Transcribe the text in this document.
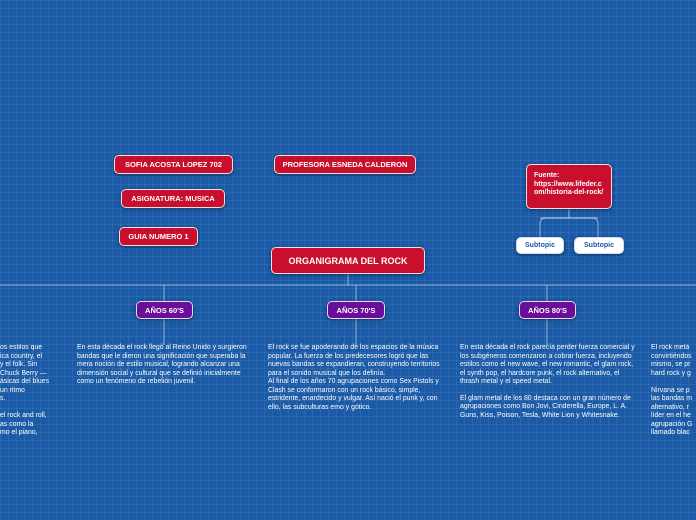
SOFIA ACOSTA LOPEZ 702	PROFESORA ESNEDA CALDERON
ASIGNATURA: MUSICA
GUIA NUMERO 1
Fuente:
https://www.lifeder.com/historia-del-rock/
Subtopic	Subtopic
ORGANIGRAMA DEL ROCK
AÑOS 60'S	AÑOS 70'S	AÑOS 80'S
os estilos que
ica country, el
y el folk. Sin
Chuck Berry —
ásicas del blues
un ritmo
s.
el rock and roll,
as como la
mo el piano,

En esta década el rock llegó al Reino Unido y surgieron bandas que le dieron una significación que superaba la mera noción de estilo musical, logrando alcanzar una dimensión social y cultural que se definió inicialmente como un fenómeno de rebelión juvenil.

El rock se fue apoderando de los espacios de la música popular. La fuerza de los predecesores logró que las nuevas bandas se expandieran, construyendo territorios para el sonido musical que los definía.

Al final de los años 70 agrupaciones como Sex Pistols y Clash se conformaron con un rock básico, simple, estridente, enardecido y vulgar. Así nació el punk y, con ello, las subculturas emo y gótico.

En esta década el rock parecía perder fuerza comercial y los subgéneros comenzaron a cobrar fuerza, incluyendo estilos como el new wave, el new romantic, el glam rock, el synth pop, el hardcore punk, el rock alternativo, el thrash metal y el speed metal.

El glam metal de los 80 destaca con un gran número de agrupaciones como Bon Jovi, Cinderella, Europe, L. A. Guns, Kiss, Poison, Tesla, White Lion y Whitesnake.

El rock metá
convirtiéndos
mismo, se pr
hard rock y g
Nirvana se p
las bandas m
alternativo, r
líder en el he
agrupación G
llamado blac
